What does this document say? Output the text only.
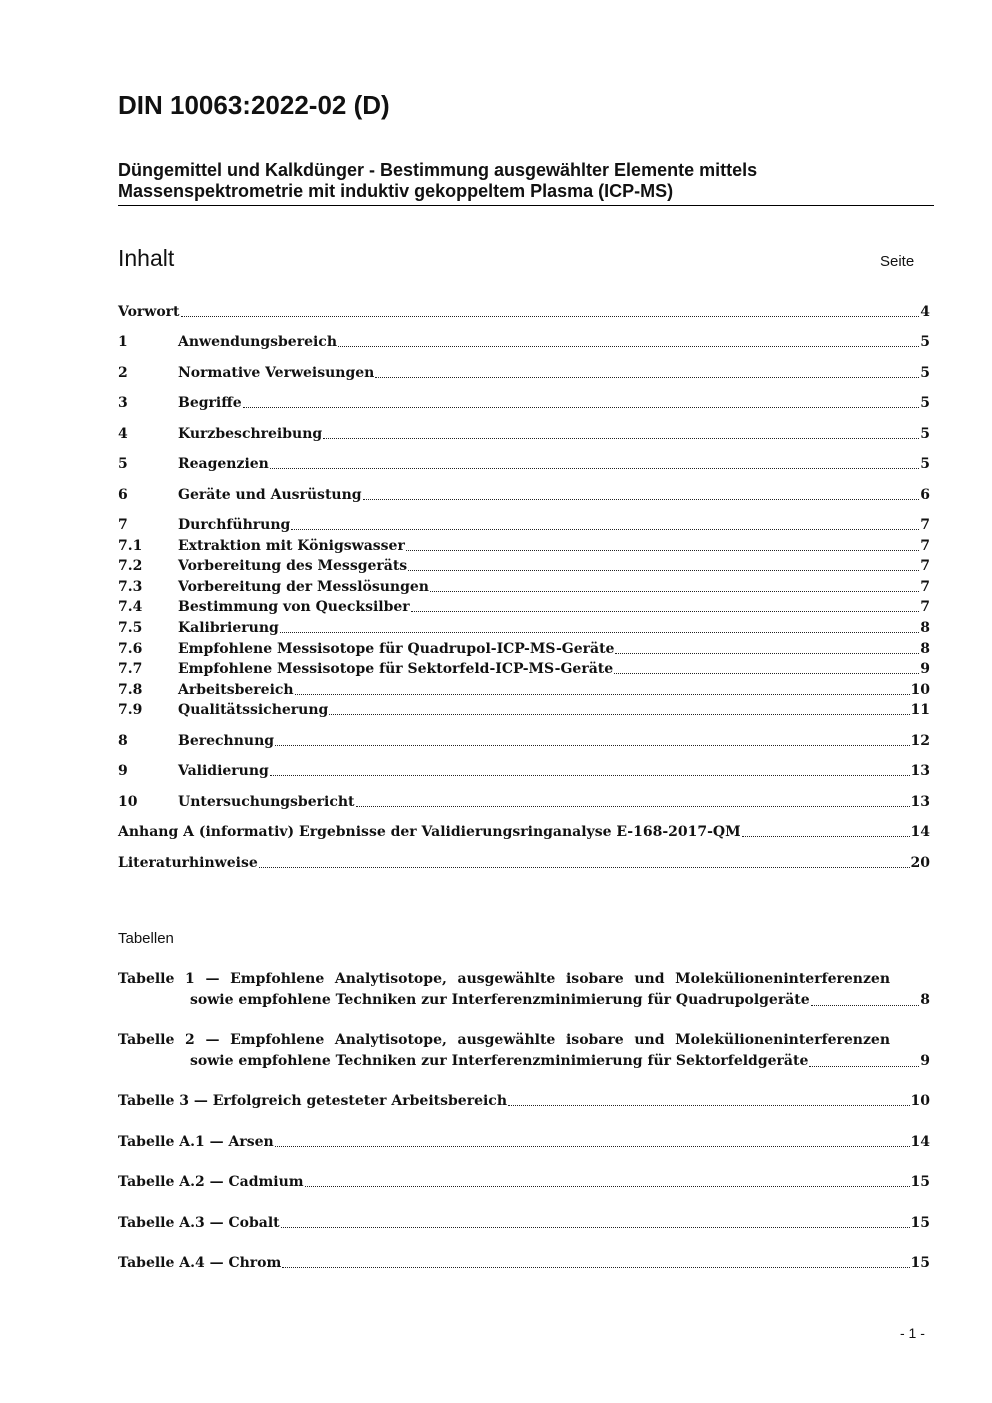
DIN 10063:2022-02 (D)
Düngemittel und Kalkdünger - Bestimmung ausgewählter Elemente mittels
Massenspektrometrie mit induktiv gekoppeltem Plasma (ICP-MS)
Inhalt	Seite
Vorwort	4
1	Anwendungsbereich	5
2	Normative Verweisungen	5
3	Begriffe	5
4	Kurzbeschreibung	5
5	Reagenzien	5
6	Geräte und Ausrüstung	6
7	Durchführung	7
7.1	Extraktion mit Königswasser	7
7.2	Vorbereitung des Messgeräts	7
7.3	Vorbereitung der Messlösungen	7
7.4	Bestimmung von Quecksilber	7
7.5	Kalibrierung	8
7.6	Empfohlene Messisotope für Quadrupol-ICP-MS-Geräte	8
7.7	Empfohlene Messisotope für Sektorfeld-ICP-MS-Geräte	9
7.8	Arbeitsbereich	10
7.9	Qualitätssicherung	11
8	Berechnung	12
9	Validierung	13
10	Untersuchungsbericht	13
Anhang A (informativ) Ergebnisse der Validierungsringanalyse E-168-2017-QM	14
Literaturhinweise	20
Tabellen
Tabelle 1 — Empfohlene Analytisotope, ausgewählte isobare und Molekülioneninterferenzen
sowie empfohlene Techniken zur Interferenzminimierung für Quadrupolgeräte	8
Tabelle 2 — Empfohlene Analytisotope, ausgewählte isobare und Molekülioneninterferenzen
sowie empfohlene Techniken zur Interferenzminimierung für Sektorfeldgeräte	9
Tabelle 3 — Erfolgreich getesteter Arbeitsbereich	10
Tabelle A.1 — Arsen	14
Tabelle A.2 — Cadmium	15
Tabelle A.3 — Cobalt	15
Tabelle A.4 — Chrom	15
- 1 -
